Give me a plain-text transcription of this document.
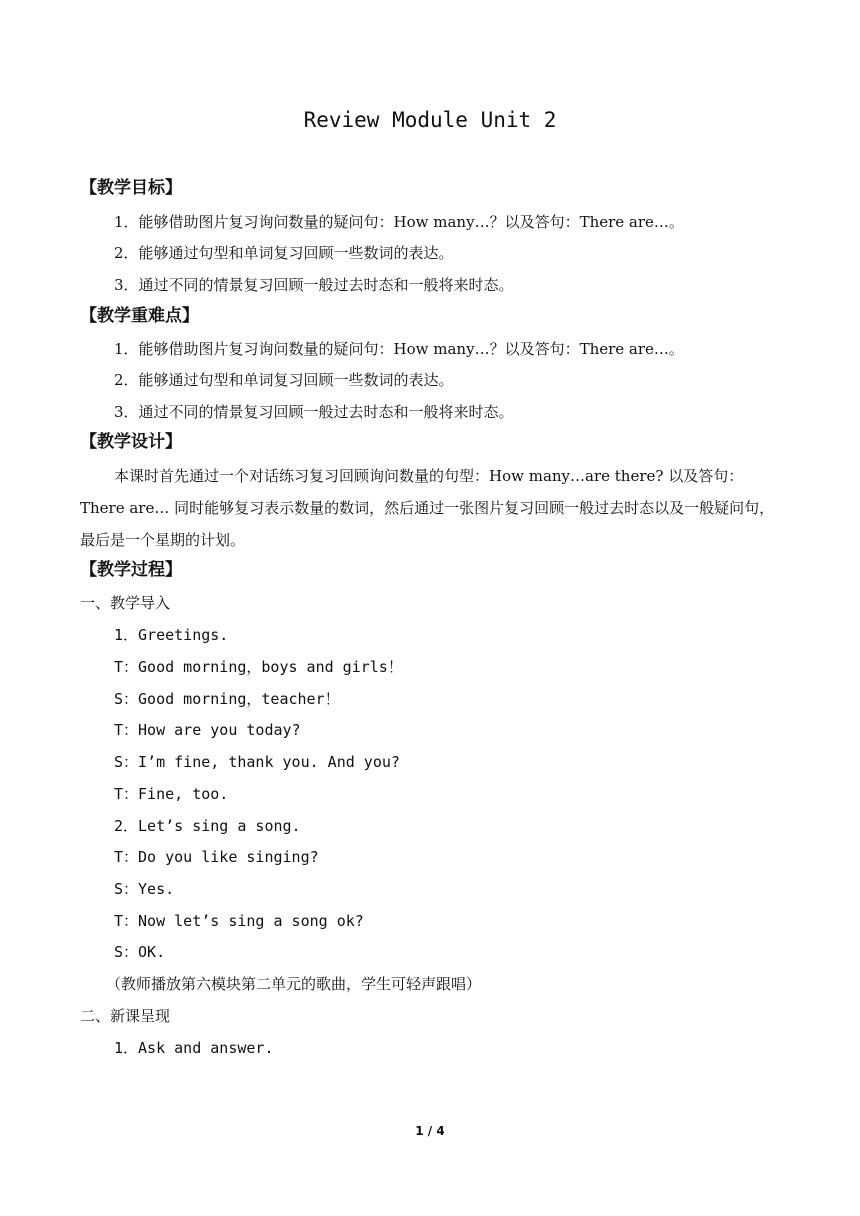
Review Module Unit 2
【教学目标】
1．能够借助图片复习询问数量的疑问句：How many…？以及答句：There are…。
2．能够通过句型和单词复习回顾一些数词的表达。
3．通过不同的情景复习回顾一般过去时态和一般将来时态。
【教学重难点】
1．能够借助图片复习询问数量的疑问句：How many…？以及答句：There are…。
2．能够通过句型和单词复习回顾一些数词的表达。
3．通过不同的情景复习回顾一般过去时态和一般将来时态。
【教学设计】
本课时首先通过一个对话练习复习回顾询问数量的句型：How many…are there? 以及答句：There are… 同时能够复习表示数量的数词，然后通过一张图片复习回顾一般过去时态以及一般疑问句，最后是一个星期的计划。
【教学过程】
一、教学导入
1．Greetings.
T：Good morning，boys and girls！
S：Good morning，teacher！
T：How are you today?
S：I’m fine, thank you. And you?
T：Fine, too.
2．Let’s sing a song.
T：Do you like singing?
S：Yes.
T：Now let’s sing a song ok?
S：OK.
（教师播放第六模块第二单元的歌曲，学生可轻声跟唱）
二、新课呈现
1．Ask and answer.
1 / 4
